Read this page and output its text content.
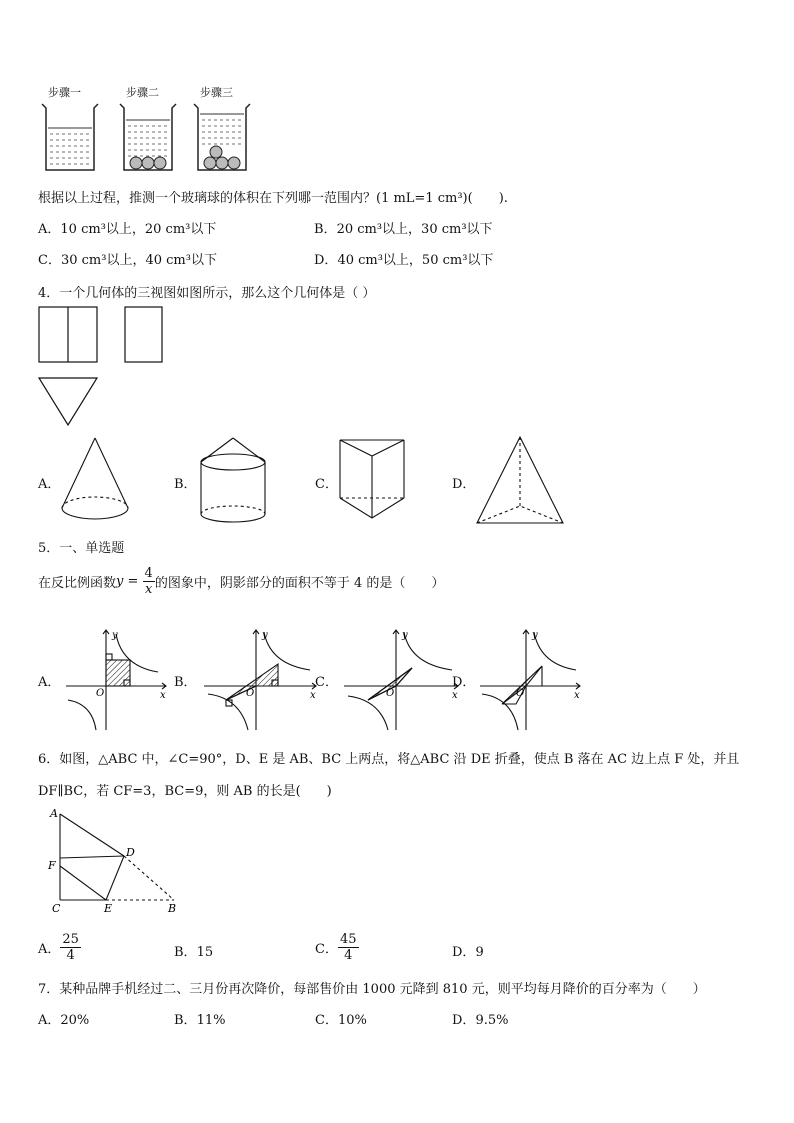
步骤一	步骤二	步骤三
根据以上过程，推测一个玻璃球的体积在下列哪一范围内？(1 mL=1 cm³)(　　).
A．10 cm³以上，20 cm³以下	B．20 cm³以上，30 cm³以下
C．30 cm³以上，40 cm³以下	D．40 cm³以上，50 cm³以下
4．一个几何体的三视图如图所示，那么这个几何体是（ ）
A．	B．	C．	D．
5．一、单选题
在反比例函数 $y = \frac{4}{x}$ 的图象中，阴影部分的面积不等于 4 的是（　　）
A．
y
x
O
B．
y
x
O
C．
y
x
O
D．
y
x
O
6．如图，△ABC 中，∠C=90°，D、E 是 AB、BC 上两点，将△ABC 沿 DE 折叠，使点 B 落在 AC 边上点 F 处，并且
DF∥BC，若 CF=3，BC=9，则 AB 的长是(　　)
A
F
C	E
D
B
A． $\frac{25}{4}$	B．15	C． $\frac{45}{4}$	D．9
7．某种品牌手机经过二、三月份再次降价，每部售价由 1000 元降到 810 元，则平均每月降价的百分率为（　　）
A．20%	B．11%	C．10%	D．9.5%
